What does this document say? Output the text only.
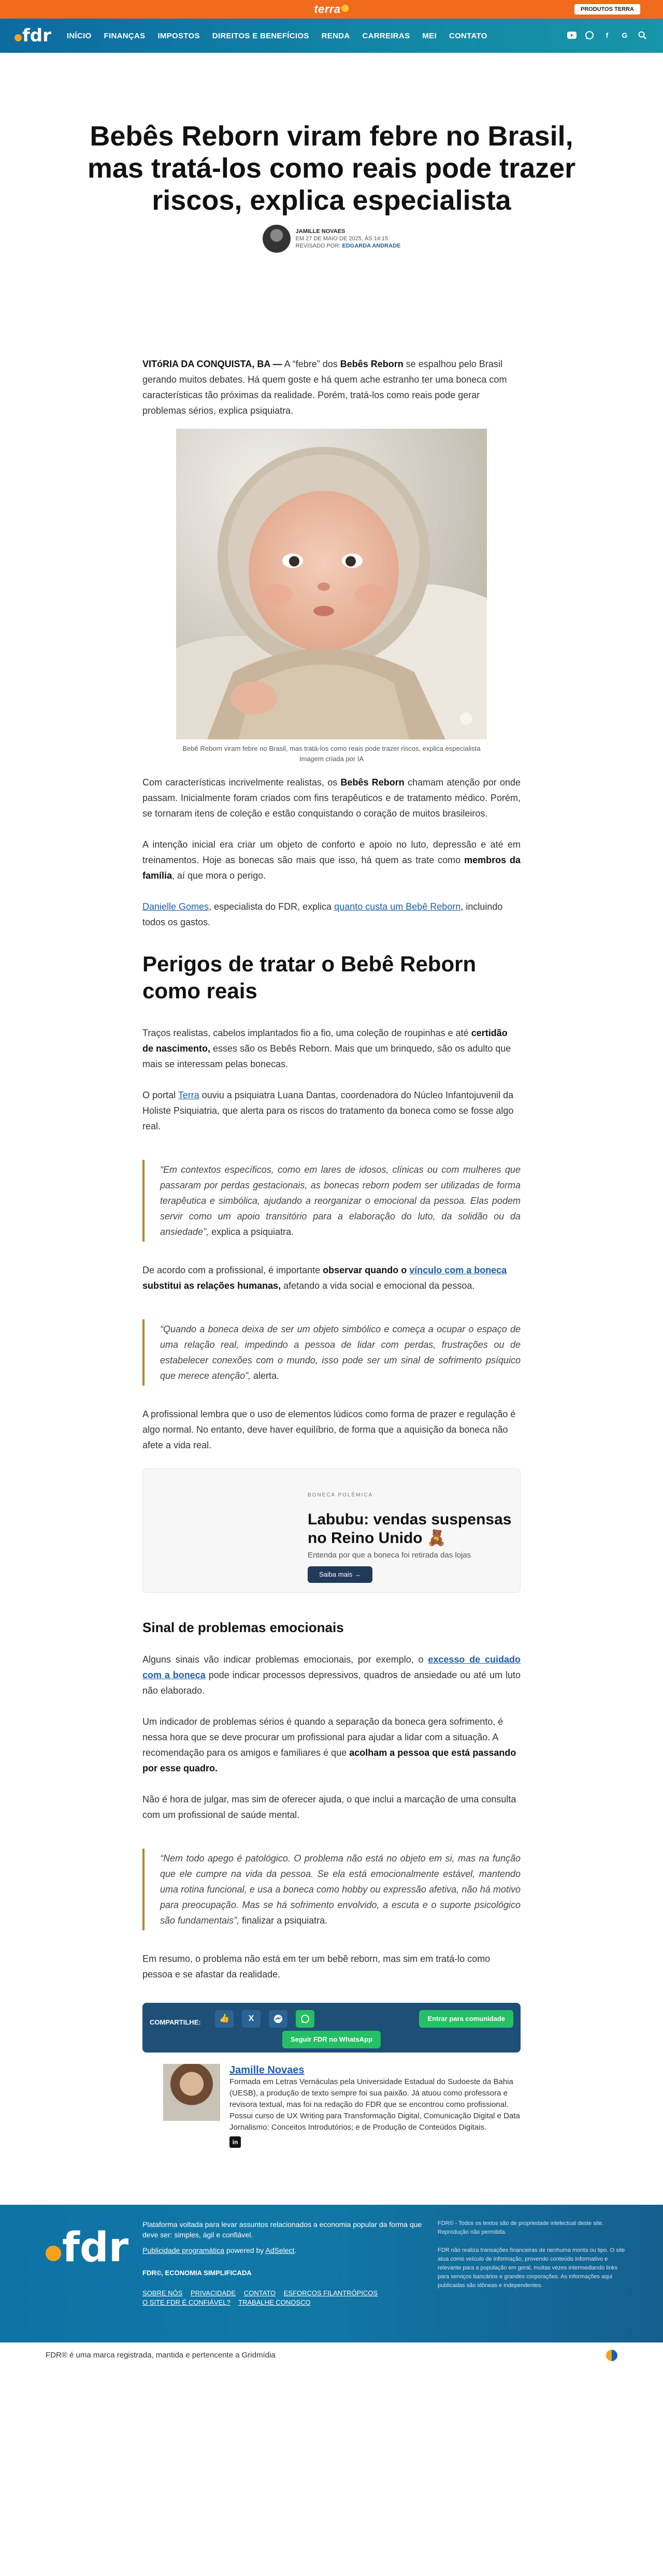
terra	PRODUTOS TERRA
fdr INÍCIO FINANÇAS IMPOSTOS DIREITOS E BENEFÍCIOS RENDA CARREIRAS MEI CONTATO	f	G
Bebês Reborn viram febre no Brasil, mas tratá-los como reais pode trazer riscos, explica especialista
JAMILLE NOVAES
EM 27 DE MAIO DE 2025, ÀS 14:15
REVISADO POR: EDGARDA ANDRADE

VITóRIA DA CONQUISTA, BA — A “febre” dos Bebês Reborn se espalhou pelo Brasil gerando muitos debates. Há quem goste e há quem ache estranho ter uma boneca com características tão próximas da realidade. Porém, tratá-los como reais pode gerar problemas sérios, explica psiquiatra.

Bebê Reborn viram febre no Brasil, mas tratá-los como reais pode trazer riscos, explica especialista
Imagem criada por IA

Com características incrivelmente realistas, os Bebês Reborn chamam atenção por onde passam. Inicialmente foram criados com fins terapêuticos e de tratamento médico. Porém, se tornaram itens de coleção e estão conquistando o coração de muitos brasileiros.

A intenção inicial era criar um objeto de conforto e apoio no luto, depressão e até em treinamentos. Hoje as bonecas são mais que isso, há quem as trate como membros da família, aí que mora o perigo.

Danielle Gomes, especialista do FDR, explica quanto custa um Bebê Reborn, incluindo todos os gastos.

Perigos de tratar o Bebê Reborn como reais

Traços realistas, cabelos implantados fio a fio, uma coleção de roupinhas e até certidão de nascimento, esses são os Bebês Reborn. Mais que um brinquedo, são os adulto que mais se interessam pelas bonecas.

O portal Terra ouviu a psiquiatra Luana Dantas, coordenadora do Núcleo Infantojuvenil da Holiste Psiquiatria, que alerta para os riscos do tratamento da boneca como se fosse algo real.

“Em contextos específicos, como em lares de idosos, clínicas ou com mulheres que passaram por perdas gestacionais, as bonecas reborn podem ser utilizadas de forma terapêutica e simbólica, ajudando a reorganizar o emocional da pessoa. Elas podem servir como um apoio transitório para a elaboração do luto, da solidão ou da ansiedade”, explica a psiquiatra.

De acordo com a profissional, é importante observar quando o vínculo com a boneca substitui as relações humanas, afetando a vida social e emocional da pessoa.

“Quando a boneca deixa de ser um objeto simbólico e começa a ocupar o espaço de uma relação real, impedindo a pessoa de lidar com perdas, frustrações ou de estabelecer conexões com o mundo, isso pode ser um sinal de sofrimento psíquico que merece atenção”, alerta.

A profissional lembra que o uso de elementos lúdicos como forma de prazer e regulação é algo normal. No entanto, deve haver equilíbrio, de forma que a aquisição da boneca não afete a vida real.

BONECA POLÊMICA
Labubu: vendas suspensas no Reino Unido 🧸
Entenda por que a boneca foi retirada das lojas
Saiba mais →
Sinal de problemas emocionais

Alguns sinais vão indicar problemas emocionais, por exemplo, o excesso de cuidado com a boneca pode indicar processos depressivos, quadros de ansiedade ou até um luto não elaborado.

Um indicador de problemas sérios é quando a separação da boneca gera sofrimento, é nessa hora que se deve procurar um profissional para ajudar a lidar com a situação. A recomendação para os amigos e familiares é que acolham a pessoa que está passando por esse quadro.

Não é hora de julgar, mas sim de oferecer ajuda, o que inclui a marcação de uma consulta com um profissional de saúde mental.

“Nem todo apego é patológico. O problema não está no objeto em si, mas na função que ele cumpre na vida da pessoa. Se ela está emocionalmente estável, mantendo uma rotina funcional, e usa a boneca como hobby ou expressão afetiva, não há motivo para preocupação. Mas se há sofrimento envolvido, a escuta e o suporte psicológico são fundamentais”, finalizar a psiquiatra.

Em resumo, o problema não está em ter um bebê reborn, mas sim em tratá-lo como pessoa e se afastar da realidade.

COMPARTILHE:	👍	X	Entrar para comunidade
Seguir FDR no WhatsApp
Jamille Novaes
Formada em Letras Vernáculas pela Universidade Estadual do Sudoeste da Bahia (UESB), a produção de texto sempre foi sua paixão. Já atuou como professora e revisora textual, mas foi na redação do FDR que se encontrou como profissional. Possui curso de UX Writing para Transformação Digital, Comunicação Digital e Data Jornalismo: Conceitos Introdutórios; e de Produção de Conteúdos Digitais.
in
fdr Plataforma voltada para levar assuntos relacionados a economia popular da forma que deve ser: simples, ágil e confiável.
Publicidade programática powered by AdSelect.
FDR©, ECONOMIA SIMPLIFICADA
SOBRE NÓS PRIVACIDADE CONTATO ESFORÇOS FILANTRÓPICOS
O SITE FDR É CONFIÁVEL? TRABALHE CONOSCO

FDR© - Todos os textos são de propriedade intelectual deste site. Reprodução não permitida.

FDR não realiza transações financeiras de nenhuma monta ou tipo. O site atua como veículo de informação, provendo conteúdo informativo e relevante para a população em geral, muitas vezes intermediando links para serviços bancários e grandes corporações. As informações aqui publicadas são idôneas e independentes.

FDR® é uma marca registrada, mantida e pertencente a Gridmídia
